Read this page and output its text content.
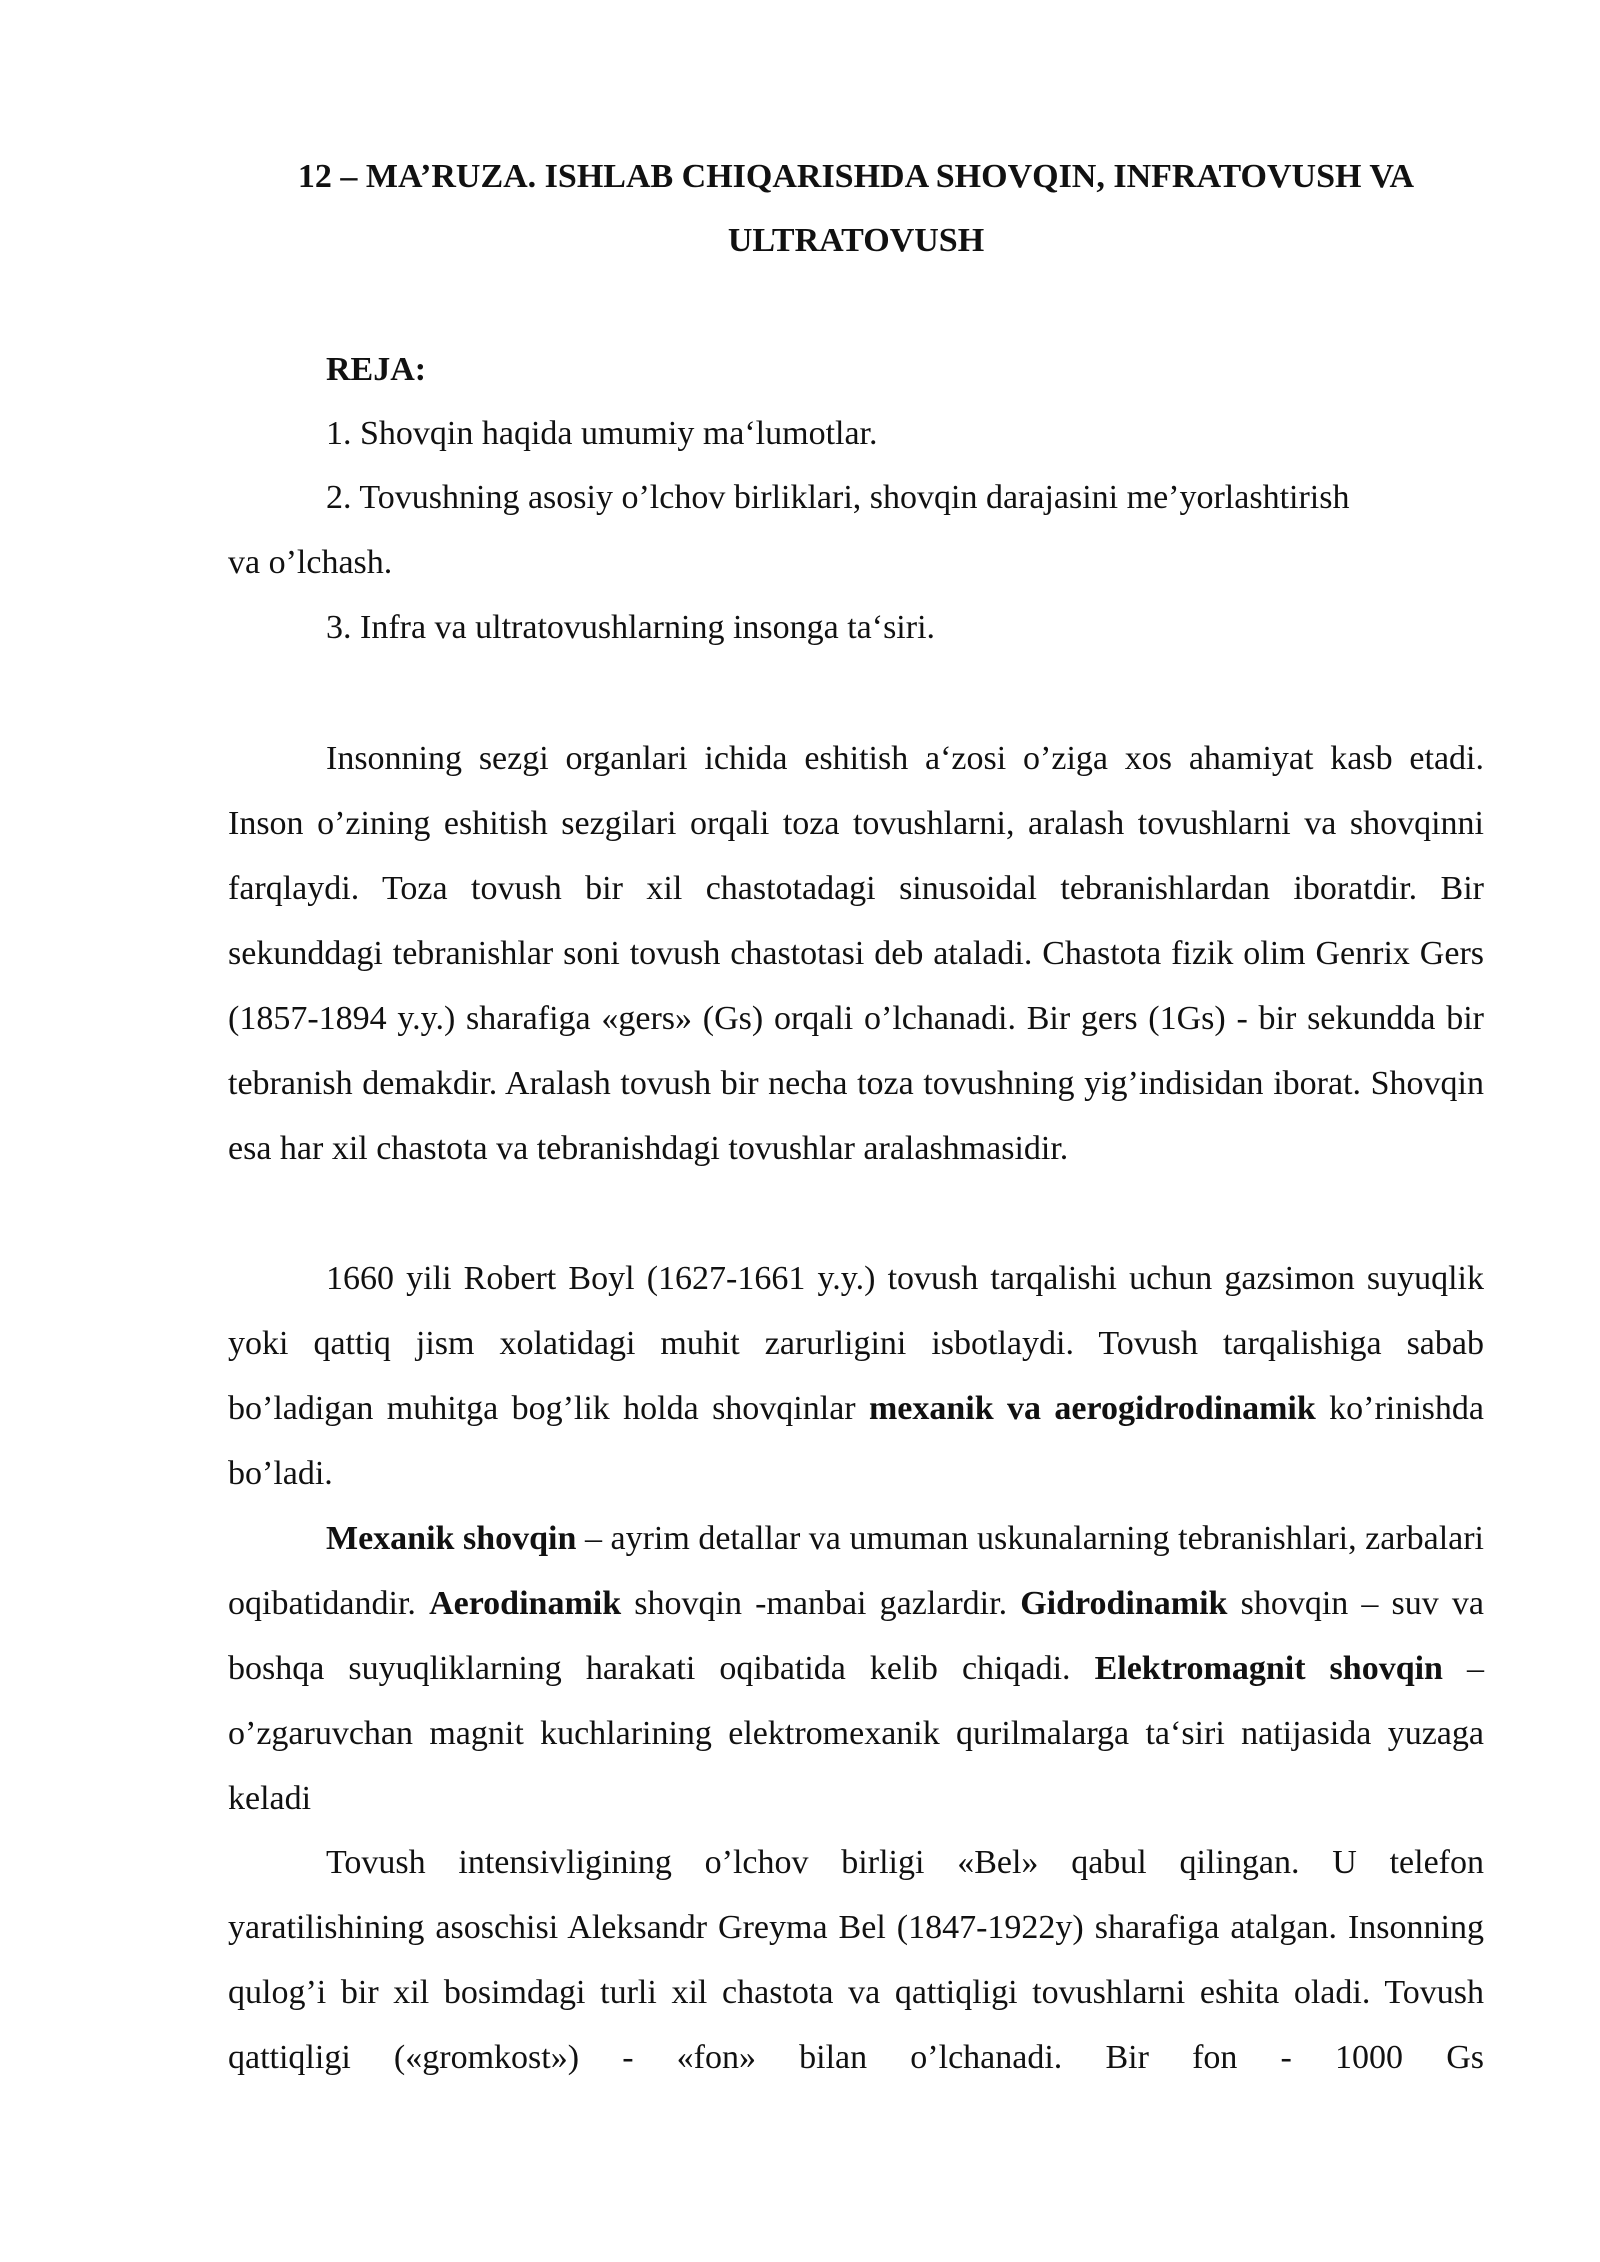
12 – MA’RUZA. ISHLAB CHIQARISHDA SHOVQIN, INFRATOVUSH VA
ULTRATOVUSH
REJA:
1. Shovqin haqida umumiy ma‘lumotlar.
2. Tovushning asosiy o’lchov birliklari, shovqin darajasini me’yorlashtirish
va o’lchash.
3. Infra va ultratovushlarning insonga ta‘siri.

Insonning sezgi organlari ichida eshitish a‘zosi o’ziga xos ahamiyat kasb etadi. Inson o’zining eshitish sezgilari orqali toza tovushlarni, aralash tovushlarni va shovqinni farqlaydi. Toza tovush bir xil chastotadagi sinusoidal tebranishlardan iboratdir. Bir sekunddagi tebranishlar soni tovush chastotasi deb ataladi. Chastota fizik olim Genrix Gers (1857-1894 y.y.) sharafiga «gers» (Gs) orqali o’lchanadi. Bir gers (1Gs) - bir sekundda bir tebranish demakdir. Aralash tovush bir necha toza tovushning yig’indisidan iborat. Shovqin esa har xil chastota va tebranishdagi tovushlar aralashmasidir.

1660 yili Robert Boyl (1627-1661 y.y.) tovush tarqalishi uchun gazsimon suyuqlik yoki qattiq jism xolatidagi muhit zarurligini isbotlaydi. Tovush tarqalishiga sabab bo’ladigan muhitga bog’lik holda shovqinlar mexanik va aerogidrodinamik ko’rinishda bo’ladi.

Mexanik shovqin – ayrim detallar va umuman uskunalarning tebranishlari, zarbalari oqibatidandir. Aerodinamik shovqin -manbai gazlardir. Gidrodinamik shovqin – suv va boshqa suyuqliklarning harakati oqibatida kelib chiqadi. Elektromagnit shovqin – o’zgaruvchan magnit kuchlarining elektromexanik qurilmalarga ta‘siri natijasida yuzaga keladi

Tovush intensivligining o’lchov birligi «Bel» qabul qilingan. U telefon yaratilishining asoschisi Aleksandr Greyma Bel (1847-1922y) sharafiga atalgan. Insonning qulog’i bir xil bosimdagi turli xil chastota va qattiqligi tovushlarni eshita oladi. Tovush qattiqligi («gromkost») - «fon» bilan o’lchanadi. Bir fon - 1000 Gs
